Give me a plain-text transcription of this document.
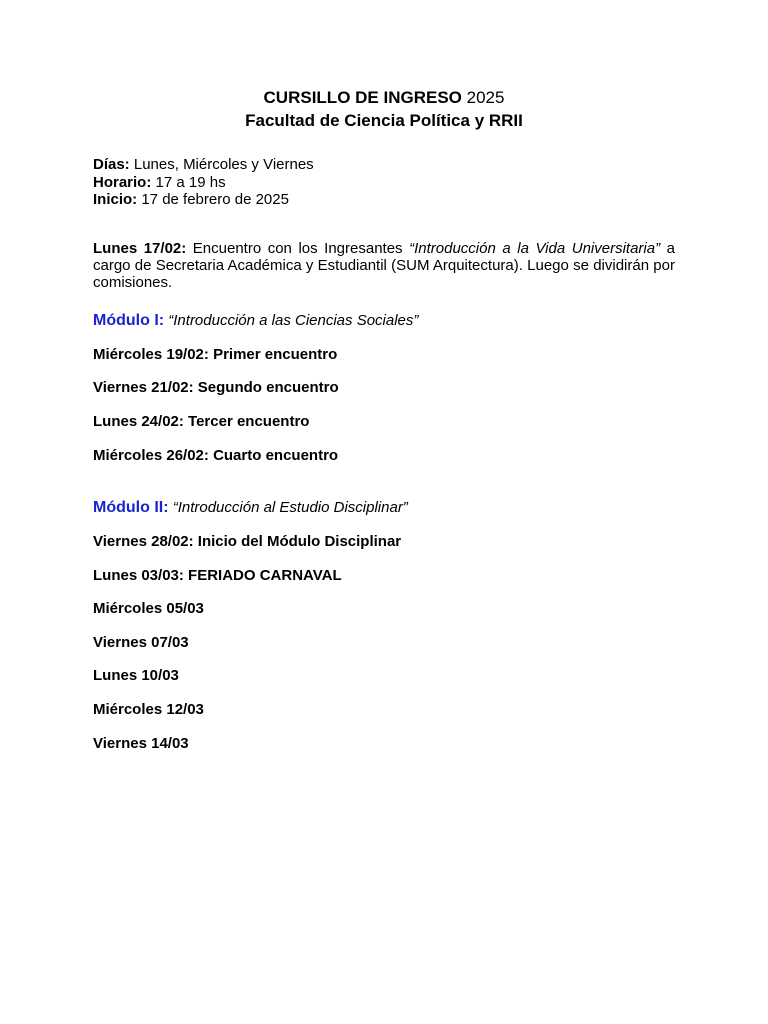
CURSILLO DE INGRESO 2025
Facultad de Ciencia Política y RRII
Días: Lunes, Miércoles y Viernes
Horario: 17 a 19 hs
Inicio: 17 de febrero de 2025
Lunes 17/02: Encuentro con los Ingresantes “Introducción a la Vida Universitaria” a cargo de Secretaria Académica y Estudiantil (SUM Arquitectura). Luego se dividirán por comisiones.
Módulo I: “Introducción a las Ciencias Sociales”
Miércoles 19/02: Primer encuentro
Viernes 21/02: Segundo encuentro
Lunes 24/02: Tercer encuentro
Miércoles 26/02: Cuarto encuentro
Módulo II: “Introducción al Estudio Disciplinar”
Viernes 28/02: Inicio del Módulo Disciplinar
Lunes 03/03: FERIADO CARNAVAL
Miércoles 05/03
Viernes 07/03
Lunes 10/03
Miércoles 12/03
Viernes 14/03
